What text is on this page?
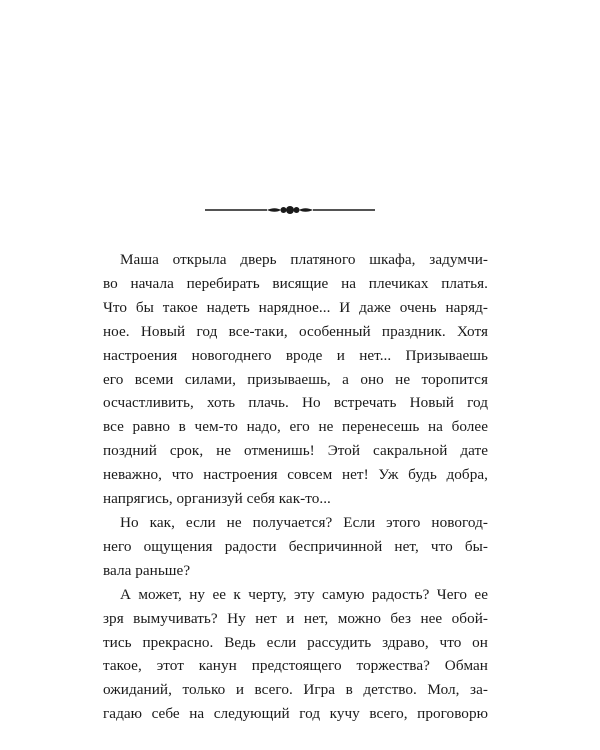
Маша открыла дверь платяного шкафа, задумчи-
во начала перебирать висящие на плечиках платья.
Что бы такое надеть нарядное... И даже очень наряд-
ное. Новый год все-таки, особенный праздник. Хотя
настроения новогоднего вроде и нет... Призываешь
его всеми силами, призываешь, а оно не торопится
осчастливить, хоть плачь. Но встречать Новый год
все равно в чем-то надо, его не перенесешь на более
поздний срок, не отменишь! Этой сакральной дате
неважно, что настроения совсем нет! Уж будь добра,
напрягись, организуй себя как-то...
Но как, если не получается? Если этого новогод-
него ощущения радости беспричинной нет, что бы-
вала раньше?
А может, ну ее к черту, эту самую радость? Чего ее
зря вымучивать? Ну нет и нет, можно без нее обой-
тись прекрасно. Ведь если рассудить здраво, что он
такое, этот канун предстоящего торжества? Обман
ожиданий, только и всего. Игра в детство. Мол, за-
гадаю себе на следующий год кучу всего, проговорю
